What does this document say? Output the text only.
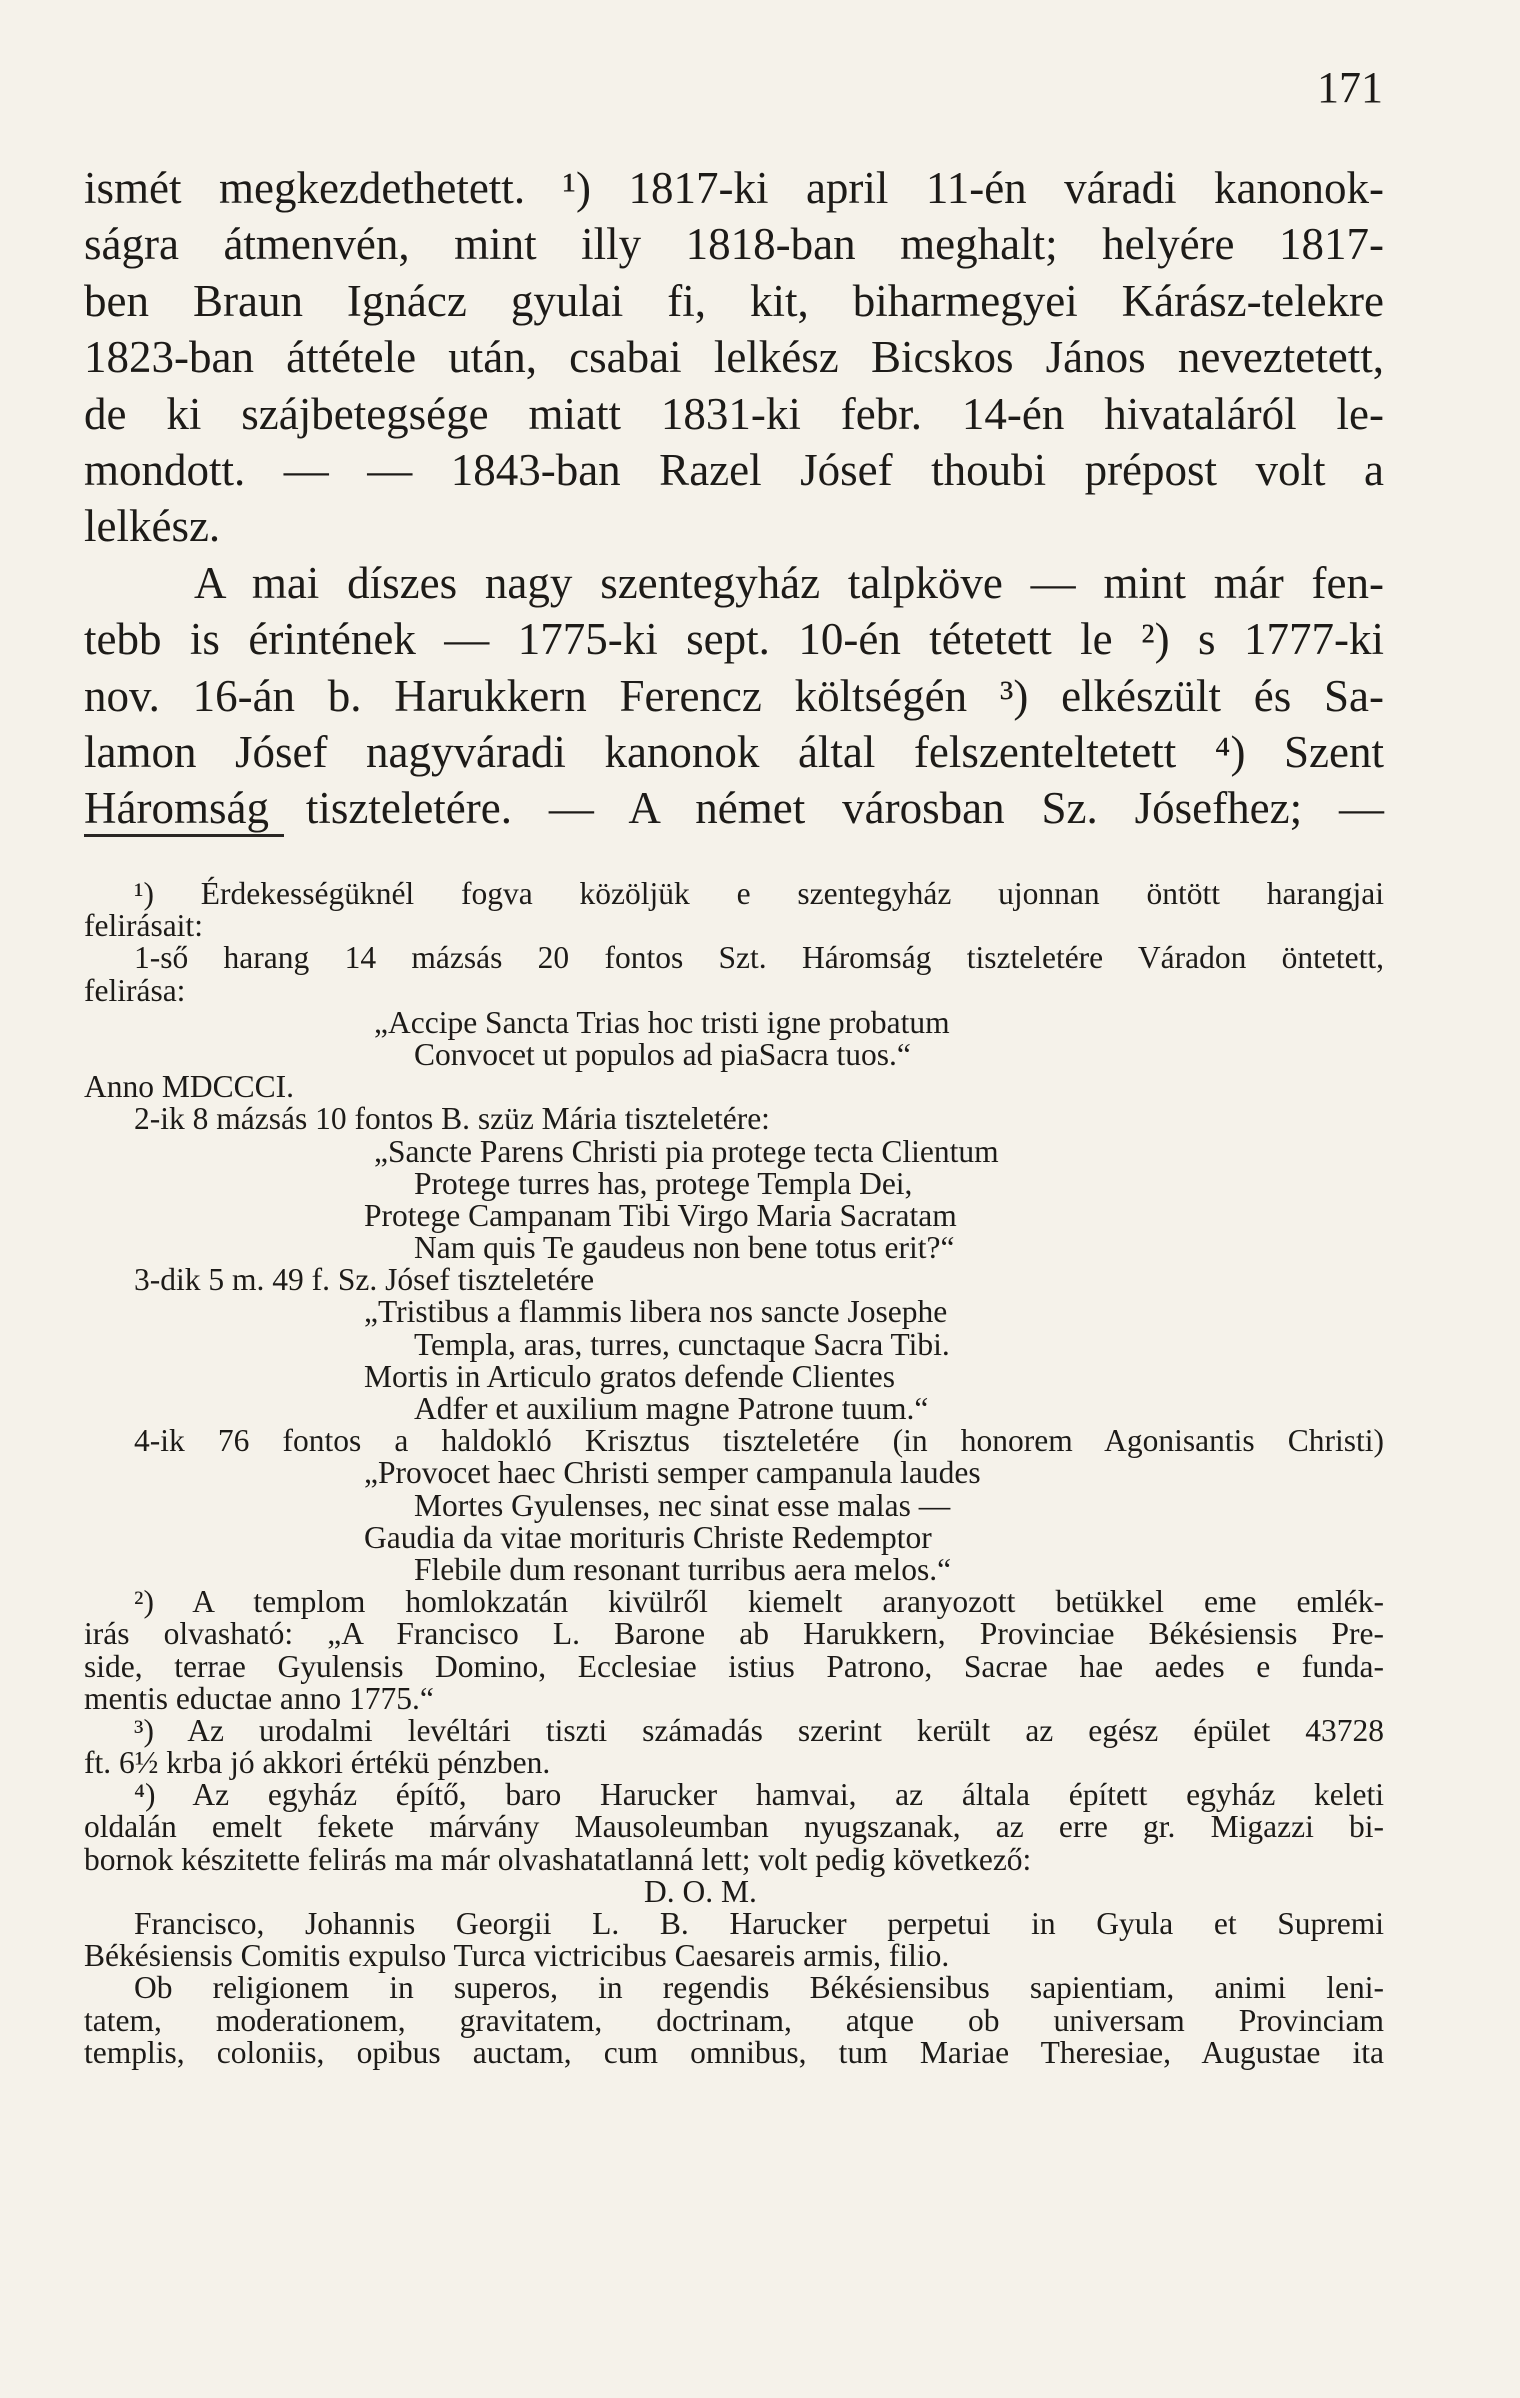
171
ismét megkezdethetett. ¹) 1817-ki april 11-én váradi kanonok-
ságra átmenvén, mint illy 1818-ban meghalt; helyére 1817-
ben Braun Ignácz gyulai fi, kit, biharmegyei Kárász-telekre
1823-ban áttétele után, csabai lelkész Bicskos János neveztetett,
de ki szájbetegsége miatt 1831-ki febr. 14-én hivataláról le-
mondott. — — 1843-ban Razel Jósef thoubi prépost volt a
lelkész.
A mai díszes nagy szentegyház talpköve — mint már fen-
tebb is érintének — 1775-ki sept. 10-én tétetett le ²) s 1777-ki
nov. 16-án b. Harukkern Ferencz költségén ³) elkészült és Sa-
lamon Jósef nagyváradi kanonok által felszenteltetett ⁴) Szent
Háromság tiszteletére. — A német városban Sz. Jósefhez; —
¹) Érdekességüknél fogva közöljük e szentegyház ujonnan öntött harangjai
felirásait:
1-ső harang 14 mázsás 20 fontos Szt. Háromság tiszteletére Váradon öntetett,
felirása:
„Accipe Sancta Trias hoc tristi igne probatum
Convocet ut populos ad piaSacra tuos.“
Anno MDCCCI.
2-ik 8 mázsás 10 fontos B. szüz Mária tiszteletére:
„Sancte Parens Christi pia protege tecta Clientum
Protege turres has, protege Templa Dei,
Protege Campanam Tibi Virgo Maria Sacratam
Nam quis Te gaudeus non bene totus erit?“
3-dik 5 m. 49 f. Sz. Jósef tiszteletére
„Tristibus a flammis libera nos sancte Josephe
Templa, aras, turres, cunctaque Sacra Tibi.
Mortis in Articulo gratos defende Clientes
Adfer et auxilium magne Patrone tuum.“
4-ik 76 fontos a haldokló Krisztus tiszteletére (in honorem Agonisantis Christi)
„Provocet haec Christi semper campanula laudes
Mortes Gyulenses, nec sinat esse malas —
Gaudia da vitae morituris Christe Redemptor
Flebile dum resonant turribus aera melos.“
²) A templom homlokzatán kivülről kiemelt aranyozott betükkel eme emlék-
irás olvasható: „A Francisco L. Barone ab Harukkern, Provinciae Békésiensis Pre-
side, terrae Gyulensis Domino, Ecclesiae istius Patrono, Sacrae hae aedes e funda-
mentis eductae anno 1775.“
³) Az urodalmi levéltári tiszti számadás szerint került az egész épület 43728
ft. 6½ krba jó akkori értékü pénzben.
⁴) Az egyház építő, baro Harucker hamvai, az általa épített egyház keleti
oldalán emelt fekete márvány Mausoleumban nyugszanak, az erre gr. Migazzi bi-
bornok készitette felirás ma már olvashatatlanná lett; volt pedig következő:
D. O. M.
Francisco, Johannis Georgii L. B. Harucker perpetui in Gyula et Supremi
Békésiensis Comitis expulso Turca victricibus Caesareis armis, filio.
Ob religionem in superos, in regendis Békésiensibus sapientiam, animi leni-
tatem, moderationem, gravitatem, doctrinam, atque ob universam Provinciam
templis, coloniis, opibus auctam, cum omnibus, tum Mariae Theresiae, Augustae ita
